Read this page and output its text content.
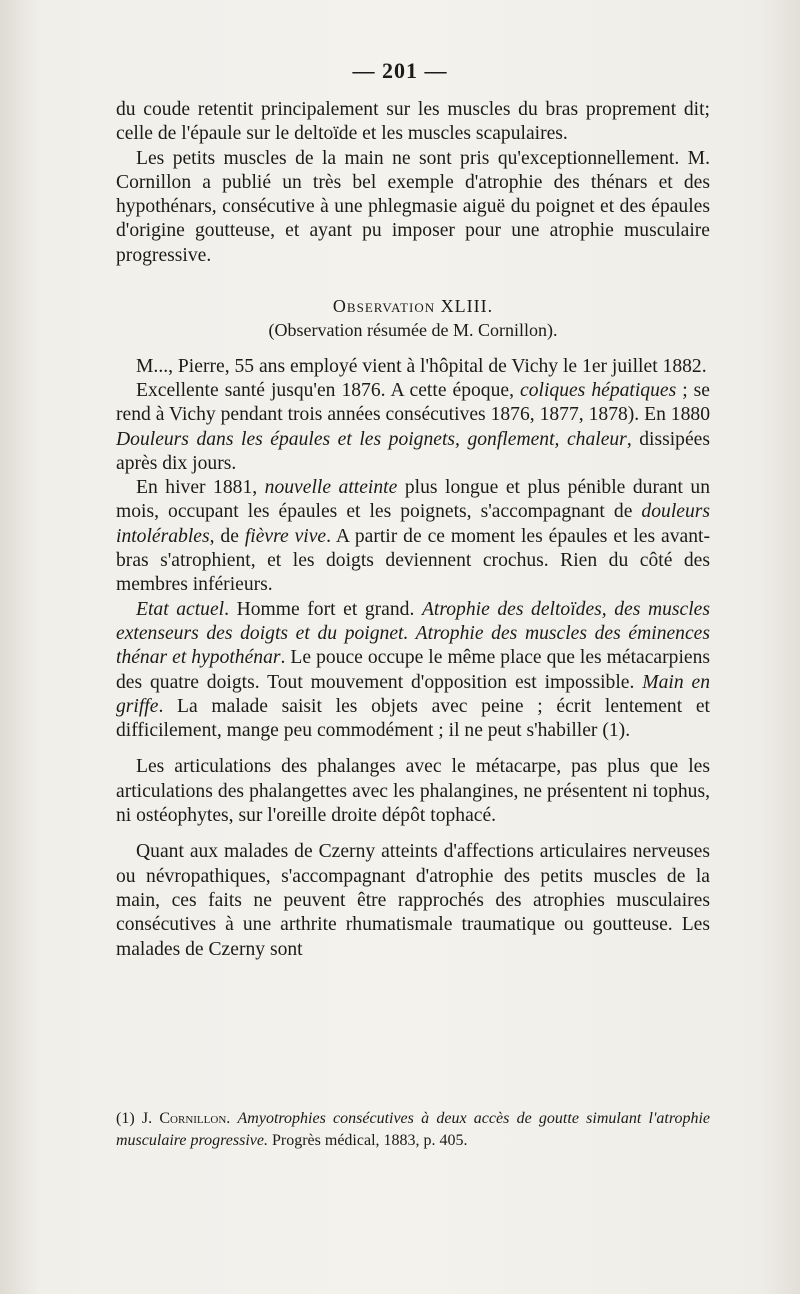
— 201 —

du coude retentit principalement sur les muscles du bras proprement dit; celle de l'épaule sur le deltoïde et les muscles scapulaires.

Les petits muscles de la main ne sont pris qu'exceptionnellement. M. Cornillon a publié un très bel exemple d'atrophie des thénars et des hypothénars, consécutive à une phlegmasie aiguë du poignet et des épaules d'origine goutteuse, et ayant pu imposer pour une atrophie musculaire progressive.

Observation XLIII.

(Observation résumée de M. Cornillon).

M..., Pierre, 55 ans employé vient à l'hôpital de Vichy le 1er juillet 1882.

Excellente santé jusqu'en 1876. A cette époque, coliques hépatiques ; se rend à Vichy pendant trois années consécutives 1876, 1877, 1878). En 1880 Douleurs dans les épaules et les poignets, gonflement, chaleur, dissipées après dix jours.

En hiver 1881, nouvelle atteinte plus longue et plus pénible durant un mois, occupant les épaules et les poignets, s'accompagnant de douleurs intolérables, de fièvre vive. A partir de ce moment les épaules et les avant-bras s'atrophient, et les doigts deviennent crochus. Rien du côté des membres inférieurs.

Etat actuel. Homme fort et grand. Atrophie des deltoïdes, des muscles extenseurs des doigts et du poignet. Atrophie des muscles des éminences thénar et hypothénar. Le pouce occupe le même place que les métacarpiens des quatre doigts. Tout mouvement d'opposition est impossible. Main en griffe. La malade saisit les objets avec peine ; écrit lentement et difficilement, mange peu commodément ; il ne peut s'habiller (1).

Les articulations des phalanges avec le métacarpe, pas plus que les articulations des phalangettes avec les phalangines, ne présentent ni tophus, ni ostéophytes, sur l'oreille droite dépôt tophacé.

Quant aux malades de Czerny atteints d'affections articulaires nerveuses ou névropathiques, s'accompagnant d'atrophie des petits muscles de la main, ces faits ne peuvent être rapprochés des atrophies musculaires consécutives à une arthrite rhumatismale traumatique ou goutteuse. Les malades de Czerny sont

(1) J. Cornillon. Amyotrophies consécutives à deux accès de goutte simulant l'atrophie musculaire progressive. Progrès médical, 1883, p. 405.
